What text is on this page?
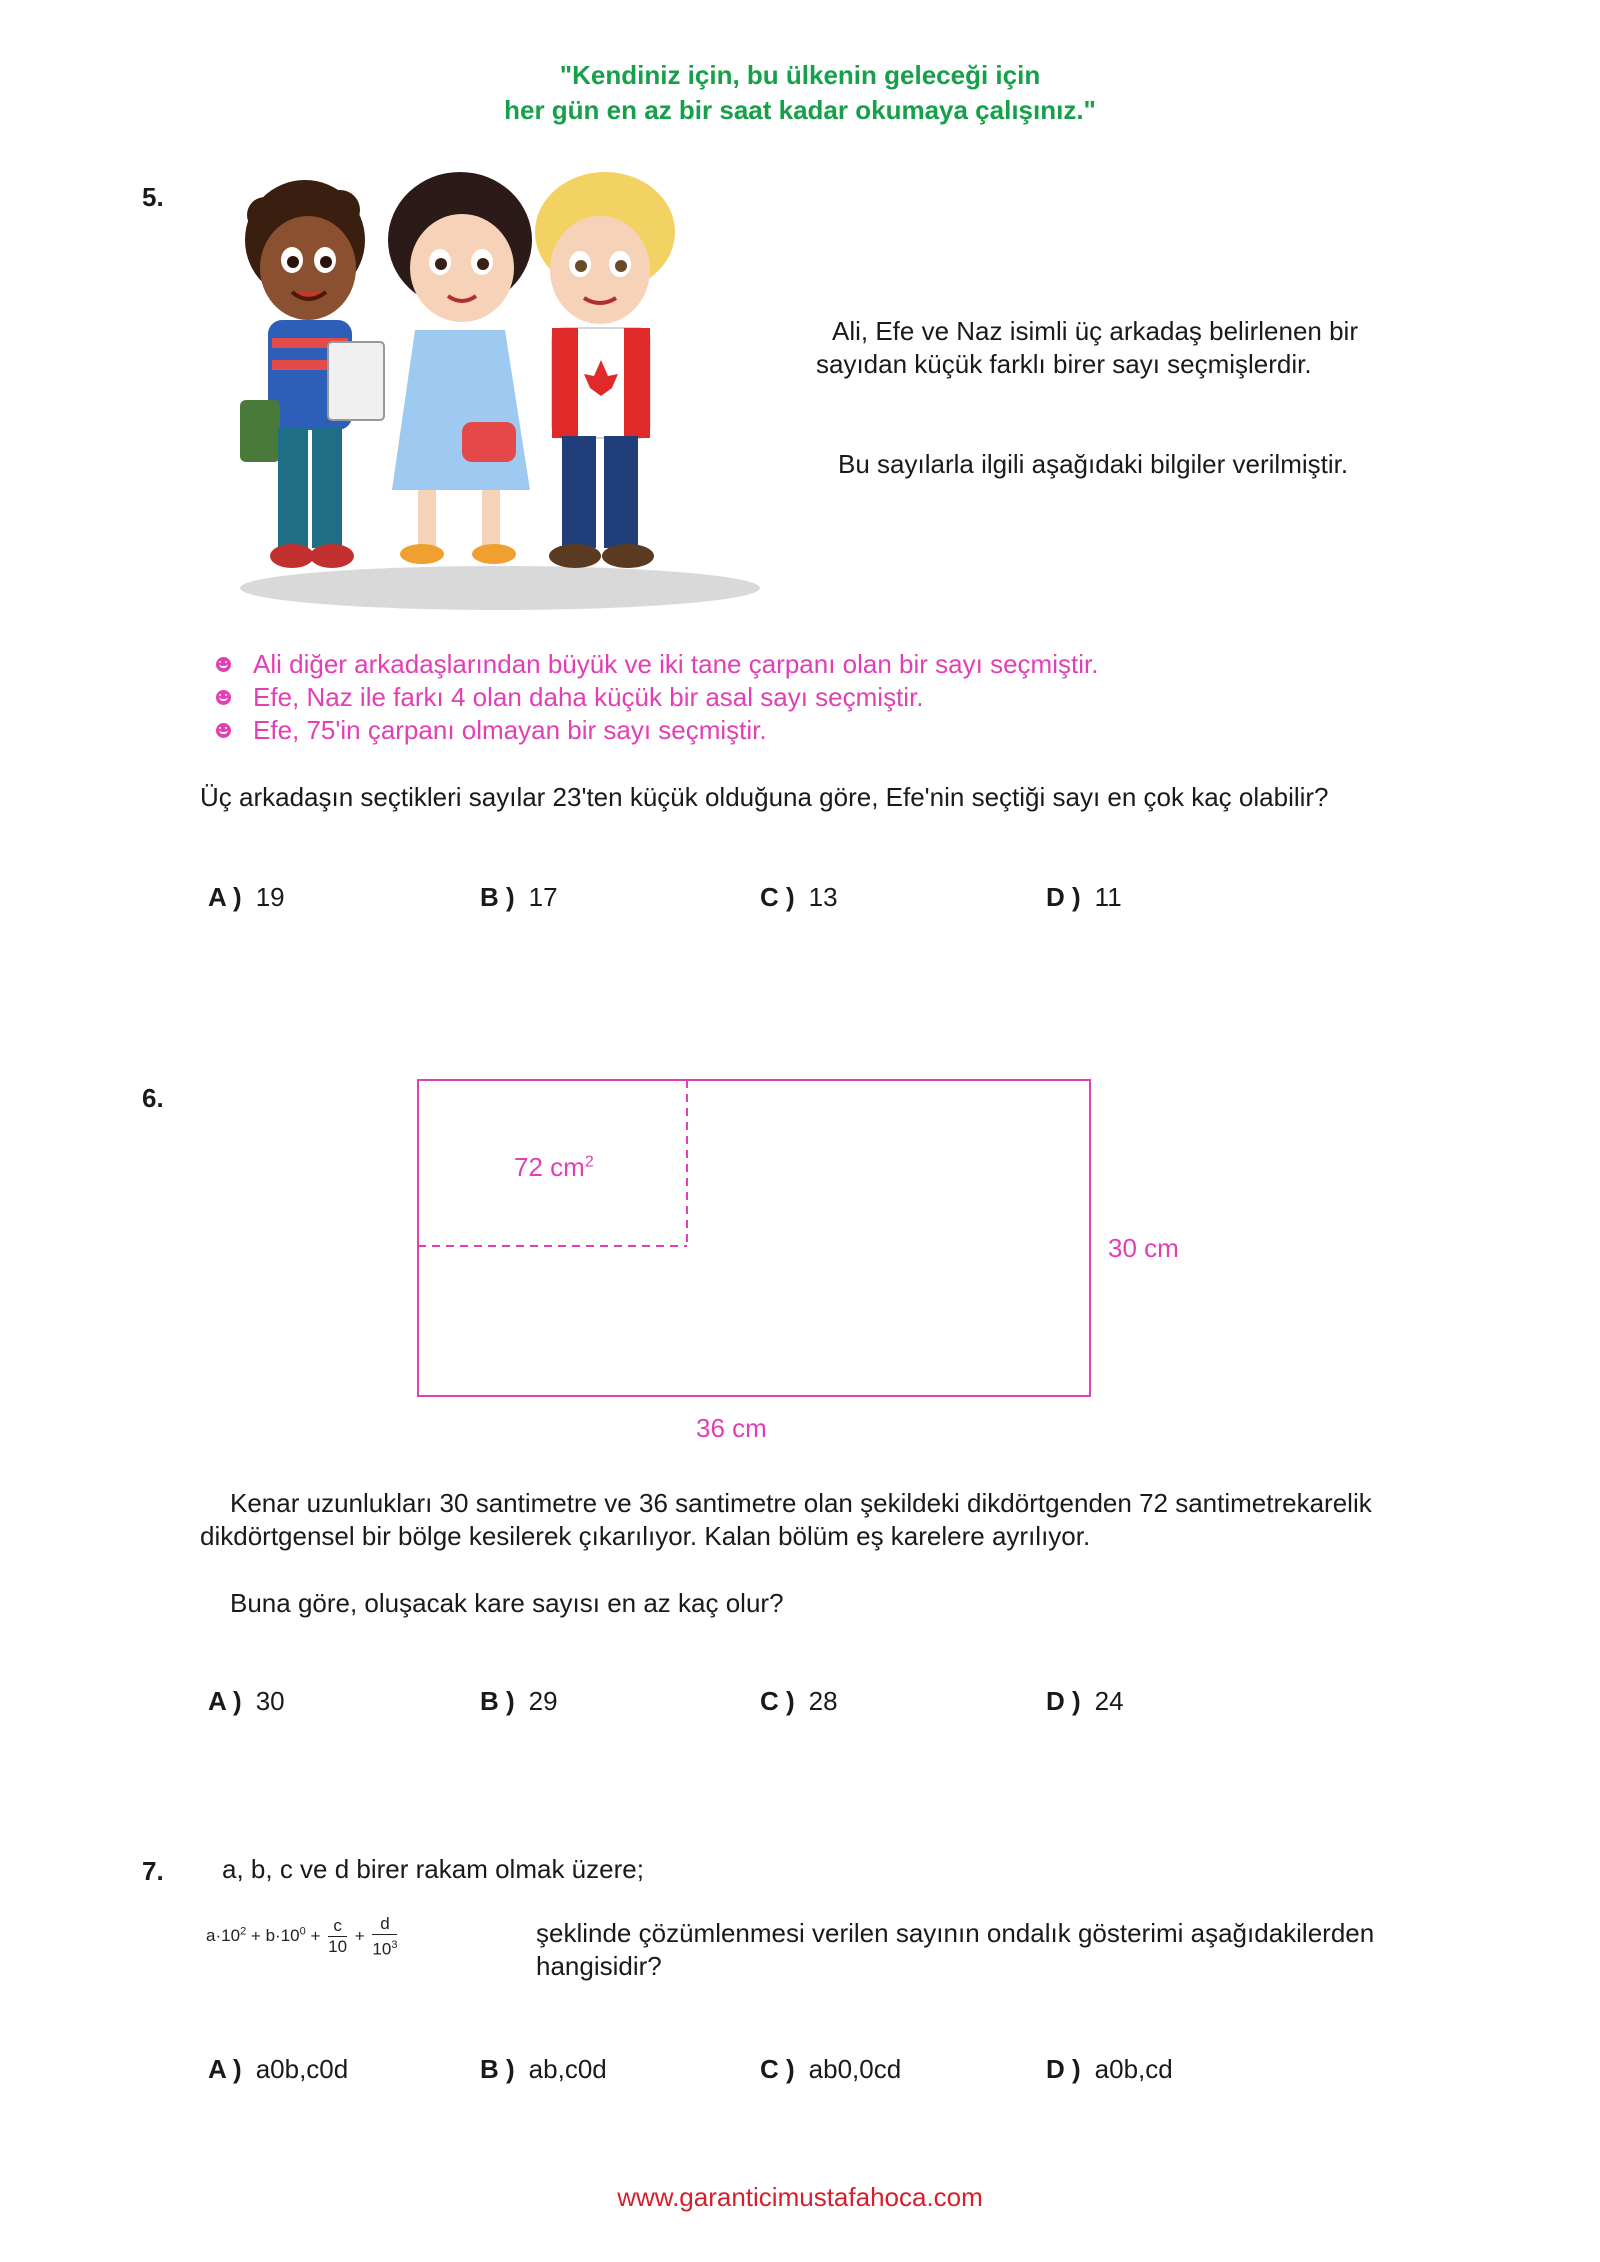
"Kendiniz için, bu ülkenin geleceği için
her gün en az bir saat kadar okumaya çalışınız."
5.
Ali, Efe ve Naz isimli üç arkadaş belirlenen bir
sayıdan küçük farklı birer sayı seçmişlerdir.
Bu sayılarla ilgili aşağıdaki bilgiler verilmiştir.
Ali diğer arkadaşlarından büyük ve iki tane çarpanı olan bir sayı seçmiştir.
Efe, Naz ile farkı 4 olan daha küçük bir asal sayı seçmiştir.
Efe, 75'in çarpanı olmayan bir sayı seçmiştir.
Üç arkadaşın seçtikleri sayılar 23'ten küçük olduğuna göre, Efe'nin seçtiği sayı en çok kaç olabilir?
A ) 19	B ) 17	C ) 13	D ) 11
6.
72 $cm^2$
30 cm
36 cm
Kenar uzunlukları 30 santimetre ve 36 santimetre olan şekildeki dikdörtgenden 72 santimetrekarelik
dikdörtgensel bir bölge kesilerek çıkarılıyor. Kalan bölüm eş karelere ayrılıyor.
Buna göre, oluşacak kare sayısı en az kaç olur?
A ) 30	B ) 29	C ) 28	D ) 24
7. a, b, c ve d birer rakam olmak üzere;
$a\cdot 10^2 + b\cdot 10^0 + \frac{c}{10} + \frac{d}{10^3}$	şeklinde çözümlenmesi verilen sayının ondalık gösterimi aşağıdakilerden
hangisidir?
A ) a0b,c0d	B ) ab,c0d	C ) ab0,0cd	D ) a0b,cd
www.garanticimustafahoca.com
